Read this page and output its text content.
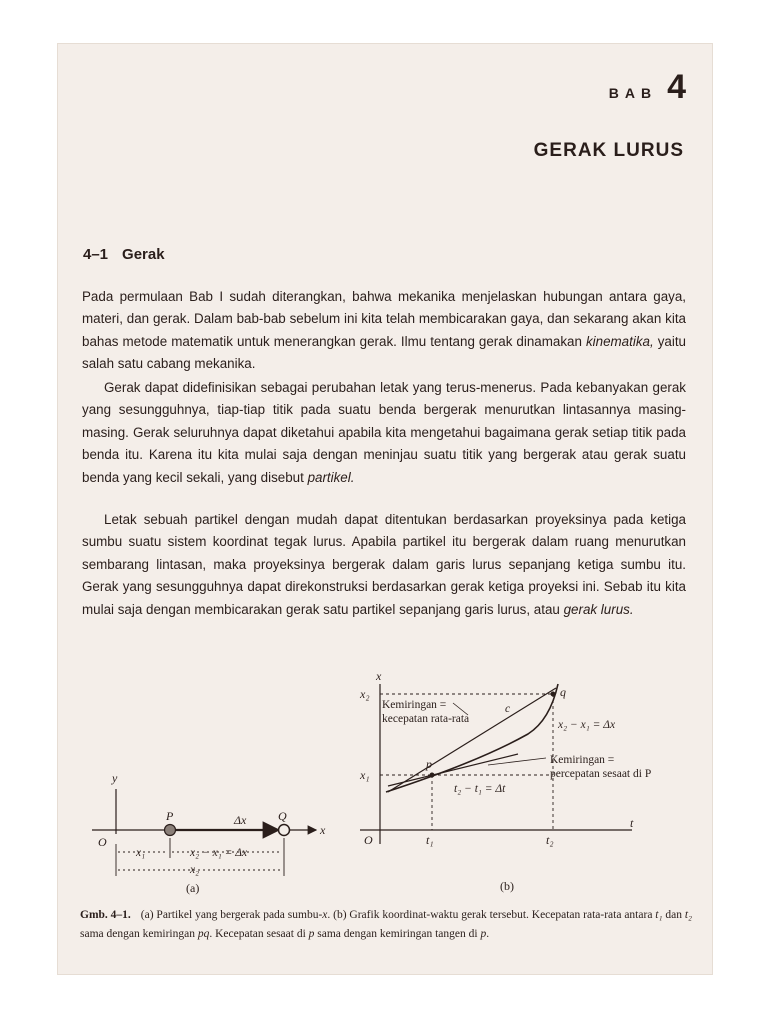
BAB 4
GERAK LURUS
4–1 Gerak

Pada permulaan Bab I sudah diterangkan, bahwa mekanika menjelaskan hubungan antara gaya, materi, dan gerak. Dalam bab-bab sebelum ini kita telah membicarakan gaya, dan sekarang akan kita bahas metode matematik untuk menerangkan gerak. Ilmu tentang gerak dinamakan kinematika, yaitu salah satu cabang mekanika.

Gerak dapat didefinisikan sebagai perubahan letak yang terus-menerus. Pada kebanyakan gerak yang sesungguhnya, tiap-tiap titik pada suatu benda bergerak menurutkan lintasannya masing-masing. Gerak seluruhnya dapat diketahui apabila kita mengetahui bagaimana gerak setiap titik pada benda itu. Karena itu kita mulai saja dengan meninjau suatu titik yang bergerak atau gerak suatu benda yang kecil sekali, yang disebut partikel.

Letak sebuah partikel dengan mudah dapat ditentukan berdasarkan proyeksinya pada ketiga sumbu suatu sistem koordinat tegak lurus. Apabila partikel itu bergerak dalam ruang menurutkan sembarang lintasan, maka proyeksinya bergerak dalam garis lurus sepanjang ketiga sumbu itu. Gerak yang sesungguhnya dapat direkonstruksi berdasarkan gerak ketiga proyeksi ini. Sebab itu kita mulai saja dengan membicarakan gerak satu partikel sepanjang garis lurus, atau gerak lurus.

y
x
O
P	Q
Δx
x₁	x₂ − x₁ = Δx
x₂
(a)
x
t
O
x₂
x₁
t₁	t₂
p
q
c
Kemiringan =
kecepatan rata-rata	x₂ − x₁ = Δx
Kemiringan =
percepatan sesaat di P
t₂ − t₁ = Δt
(b)
Gmb. 4–1. (a) Partikel yang bergerak pada sumbu-x. (b) Grafik koordinat-waktu gerak tersebut. Kecepatan rata-rata antara t₁ dan t₂ sama dengan kemiringan pq. Kecepatan sesaat di p sama dengan kemiringan tangen di p.
